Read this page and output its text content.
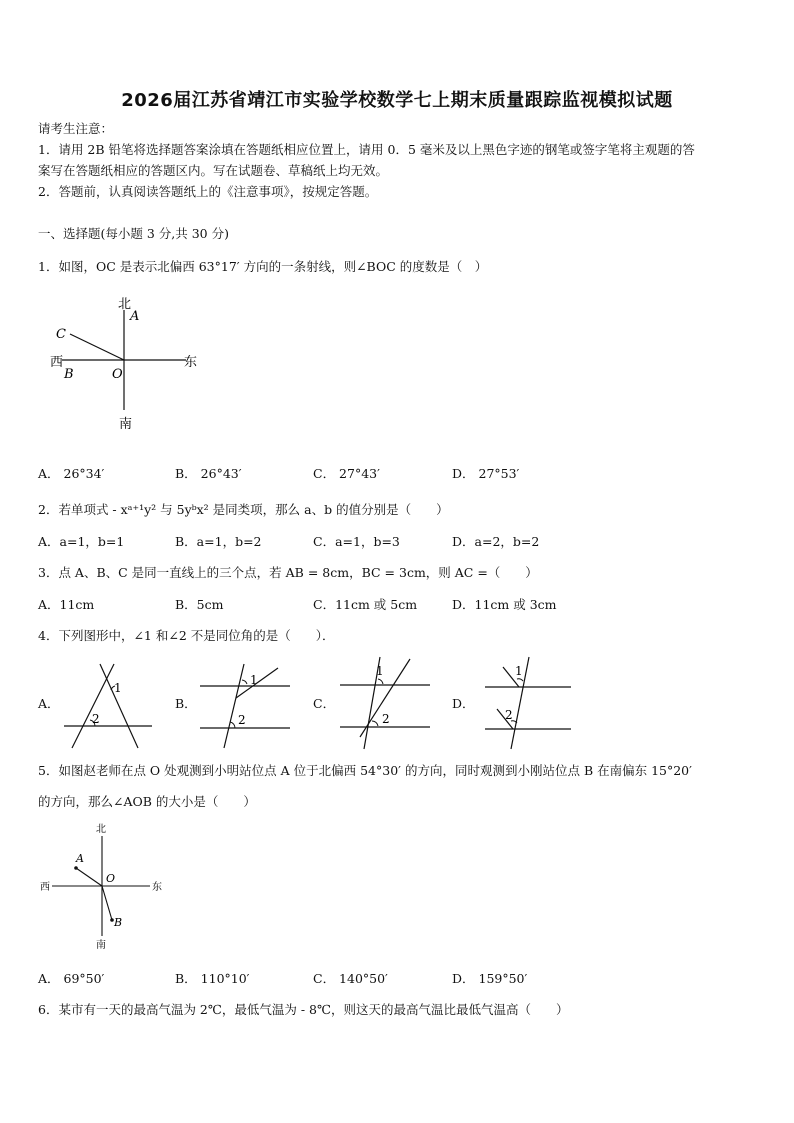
2026届江苏省靖江市实验学校数学七上期末质量跟踪监视模拟试题
请考生注意：
1．请用 2B 铅笔将选择题答案涂填在答题纸相应位置上，请用 0．5 毫米及以上黑色字迹的钢笔或签字笔将主观题的答
案写在答题纸相应的答题区内。写在试题卷、草稿纸上均无效。
2．答题前，认真阅读答题纸上的《注意事项》，按规定答题。
一、选择题(每小题 3 分,共 30 分)
1．如图，OC 是表示北偏西 63°17′ 方向的一条射线，则∠BOC 的度数是（　）
北
南
东
西
A
B
C
O
A． 26°34′	B． 26°43′	C． 27°43′	D． 27°53′
2．若单项式 - xᵃ⁺¹y² 与 5yᵇx² 是同类项，那么 a、b 的值分别是（　　）
A．a=1，b=1	B．a=1，b=2	C．a=1，b=3	D．a=2，b=2
3．点 A、B、C 是同一直线上的三个点，若 AB = 8cm，BC = 3cm，则 AC =（　　）
A．11cm	B．5cm	C．11cm 或 5cm	D．11cm 或 3cm
4．下列图形中，∠1 和∠2 不是同位角的是（　　）．
A．
1
2
B．
1
2
C．
1
2
D．
1
2
5．如图赵老师在点 O 处观测到小明站位点 A 位于北偏西 54°30′ 的方向，同时观测到小刚站位点 B 在南偏东 15°20′
的方向，那么∠AOB 的大小是（　　）
北
南
东
西
A
B
O
A． 69°50′	B． 110°10′	C． 140°50′	D． 159°50′
6．某市有一天的最高气温为 2℃，最低气温为 - 8℃，则这天的最高气温比最低气温高（　　）
